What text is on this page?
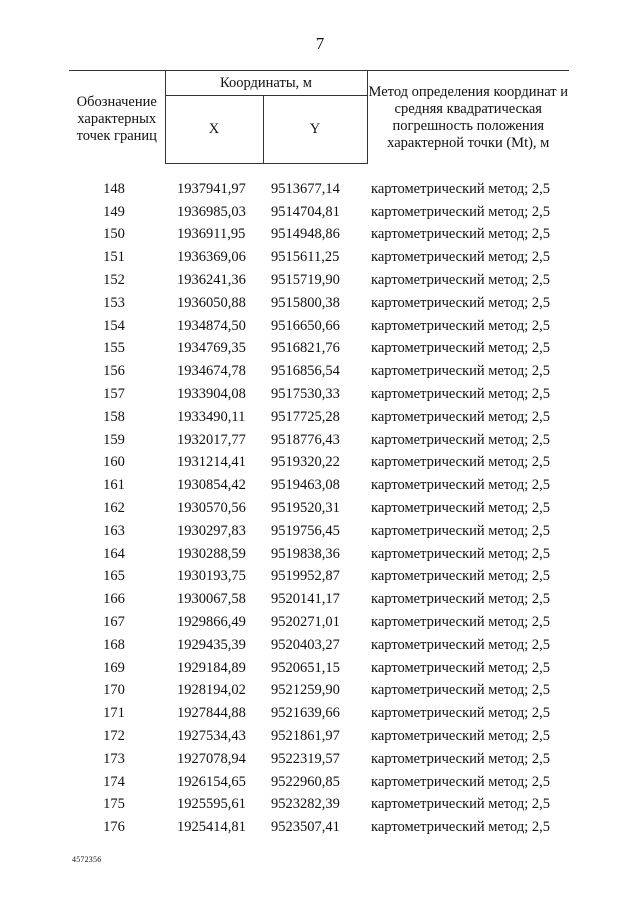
7
Обозначение характерных точек границ	Координаты, м		Метод определения координат и средняя квадратическая погрешность положения характерной точки (Mt), м
	X	Y	

148	1937941,97	9513677,14	картометрический метод; 2,5
149	1936985,03	9514704,81	картометрический метод; 2,5
150	1936911,95	9514948,86	картометрический метод; 2,5
151	1936369,06	9515611,25	картометрический метод; 2,5
152	1936241,36	9515719,90	картометрический метод; 2,5
153	1936050,88	9515800,38	картометрический метод; 2,5
154	1934874,50	9516650,66	картометрический метод; 2,5
155	1934769,35	9516821,76	картометрический метод; 2,5
156	1934674,78	9516856,54	картометрический метод; 2,5
157	1933904,08	9517530,33	картометрический метод; 2,5
158	1933490,11	9517725,28	картометрический метод; 2,5
159	1932017,77	9518776,43	картометрический метод; 2,5
160	1931214,41	9519320,22	картометрический метод; 2,5
161	1930854,42	9519463,08	картометрический метод; 2,5
162	1930570,56	9519520,31	картометрический метод; 2,5
163	1930297,83	9519756,45	картометрический метод; 2,5
164	1930288,59	9519838,36	картометрический метод; 2,5
165	1930193,75	9519952,87	картометрический метод; 2,5
166	1930067,58	9520141,17	картометрический метод; 2,5
167	1929866,49	9520271,01	картометрический метод; 2,5
168	1929435,39	9520403,27	картометрический метод; 2,5
169	1929184,89	9520651,15	картометрический метод; 2,5
170	1928194,02	9521259,90	картометрический метод; 2,5
171	1927844,88	9521639,66	картометрический метод; 2,5
172	1927534,43	9521861,97	картометрический метод; 2,5
173	1927078,94	9522319,57	картометрический метод; 2,5
174	1926154,65	9522960,85	картометрический метод; 2,5
175	1925595,61	9523282,39	картометрический метод; 2,5
176	1925414,81	9523507,41	картометрический метод; 2,5
4572356
